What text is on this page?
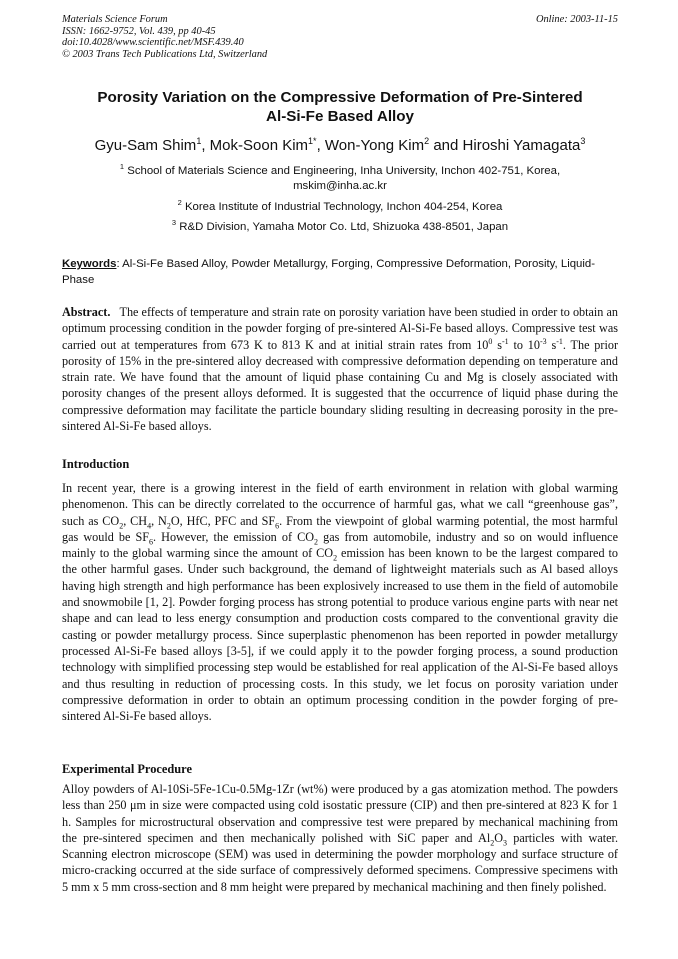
Materials Science Forum
ISSN: 1662-9752, Vol. 439, pp 40-45
doi:10.4028/www.scientific.net/MSF.439.40
© 2003 Trans Tech Publications Ltd, Switzerland
Online: 2003-11-15
Porosity Variation on the Compressive Deformation of Pre-Sintered
Al-Si-Fe Based Alloy
Gyu-Sam Shim$^1$, Mok-Soon Kim$^{1*}$, Won-Yong Kim$^2$ and Hiroshi Yamagata$^3$
$^1$ School of Materials Science and Engineering, Inha University, Inchon 402-751, Korea,
mskim@inha.ac.kr
$^2$ Korea Institute of Industrial Technology, Inchon 404-254, Korea
$^3$ R&D Division, Yamaha Motor Co. Ltd, Shizuoka 438-8501, Japan
Keywords: Al-Si-Fe Based Alloy, Powder Metallurgy, Forging, Compressive Deformation, Porosity, Liquid-Phase
Abstract. The effects of temperature and strain rate on porosity variation have been studied in order to obtain an optimum processing condition in the powder forging of pre-sintered Al-Si-Fe based alloys. Compressive test was carried out at temperatures from 673 K to 813 K and at initial strain rates from $10^0$ $s^{-1}$ to $10^{-3}$ $s^{-1}$. The prior porosity of 15% in the pre-sintered alloy decreased with compressive deformation depending on temperature and strain rate. We have found that the amount of liquid phase containing Cu and Mg is closely associated with porosity changes of the present alloys deformed. It is suggested that the occurrence of liquid phase during the compressive deformation may facilitate the particle boundary sliding resulting in decreasing porosity in the pre-sintered Al-Si-Fe based alloys.
Introduction
In recent year, there is a growing interest in the field of earth environment in relation with global warming phenomenon. This can be directly correlated to the occurrence of harmful gas, what we call “greenhouse gas”, such as $CO_2$, $CH_4$, $N_2O$, HfC, PFC and $SF_6$. From the viewpoint of global warming potential, the most harmful gas would be $SF_6$. However, the emission of $CO_2$ gas from automobile, industry and so on would influence mainly to the global warming since the amount of $CO_2$ emission has been known to be the largest compared to the other harmful gases. Under such background, the demand of lightweight materials such as Al based alloys having high strength and high performance has been explosively increased to use them in the field of automobile and snowmobile [1, 2]. Powder forging process has strong potential to produce various engine parts with near net shape and can lead to less energy consumption and production costs compared to the conventional gravity die casting or powder metallurgy process. Since superplastic phenomenon has been reported in powder metallurgy processed Al-Si-Fe based alloys [3-5], if we could apply it to the powder forging process, a sound production technology with simplified processing step would be established for real application of the Al-Si-Fe based alloys and thus resulting in reduction of processing costs. In this study, we let focus on porosity variation under compressive deformation in order to obtain an optimum processing condition in the powder forging of pre-sintered Al-Si-Fe based alloys.
Experimental Procedure
Alloy powders of Al-10Si-5Fe-1Cu-0.5Mg-1Zr (wt%) were produced by a gas atomization method. The powders less than 250 μm in size were compacted using cold isostatic pressure (CIP) and then pre-sintered at 823 K for 1 h. Samples for microstructural observation and compressive test were prepared by mechanical machining from the pre-sintered specimen and then mechanically polished with SiC paper and $Al_2O_3$ particles with water. Scanning electron microscope (SEM) was used in determining the powder morphology and surface structure of micro-cracking occurred at the side surface of compressively deformed specimens. Compressive specimens with 5 mm x 5 mm cross-section and 8 mm height were prepared by mechanical machining and then finely polished.
